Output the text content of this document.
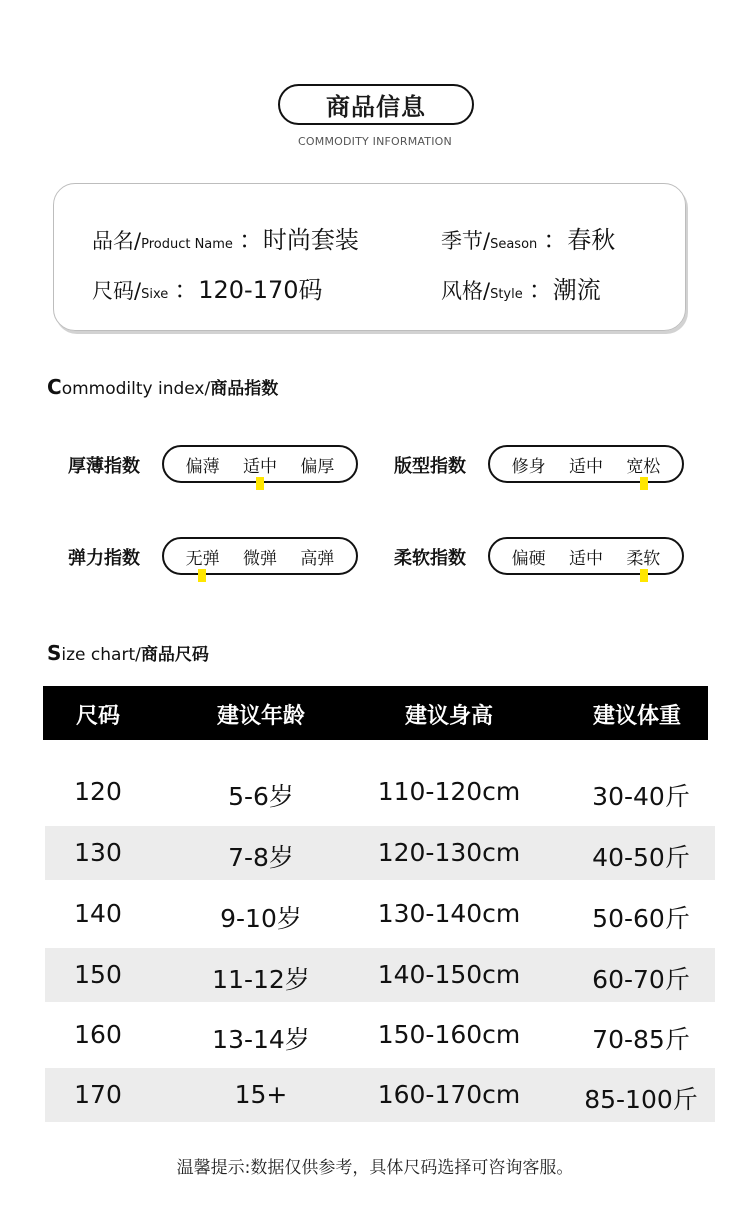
商品信息
COMMODITY INFORMATION
品名/Product Name ：时尚套装	季节/Season ：春秋
尺码/Sixe ：120-170码	风格/Style ：潮流
Commodilty index/商品指数
厚薄指数	偏薄 适中 偏厚	版型指数	修身 适中 宽松
弹力指数	无弹 微弹 高弹	柔软指数	偏硬 适中 柔软
Size chart/商品尺码
尺码	建议年龄	建议身高	建议体重
120	5-6岁	110-120cm	30-40斤
130	7-8岁	120-130cm	40-50斤
140	9-10岁	130-140cm	50-60斤
150	11-12岁	140-150cm	60-70斤
160	13-14岁	150-160cm	70-85斤
170	15+	160-170cm	85-100斤
温馨提示:数据仅供参考，具体尺码选择可咨询客服。
